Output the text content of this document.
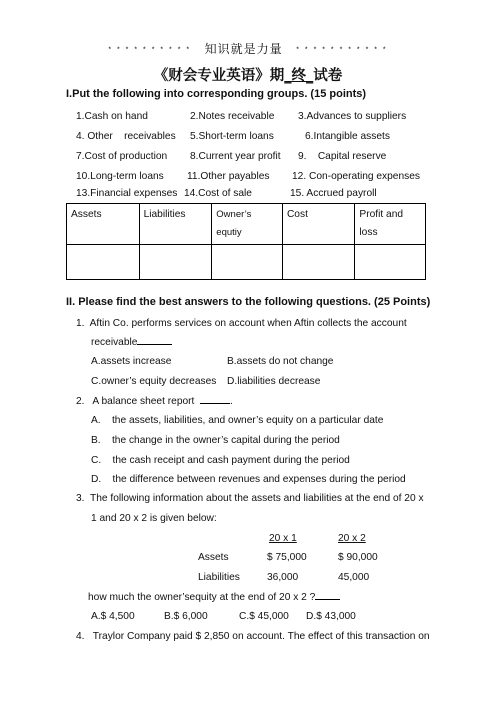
* * * * * * * * * * 知识就是力量 * * * * * * * * * * *
《财会专业英语》期_终_试卷
I.Put the following into corresponding groups. (15 points)
1.Cash on hand	2.Notes receivable 3.Advances to suppliers
4. Other    receivables 5.Short-term loans	6.Intangible assets
7.Cost of production 8.Current year profit 9.    Capital reserve
10.Long-term loans 11.Other payables 12. Con-operating expenses
13.Financial expenses 14.Cost of sale	15. Accrued payroll
Assets	Liabilities	Owner’s equtiy	Cost	Profit and loss

II. Please find the best answers to the following questions. (25 Points)
1.  Aftin Co. performs services on account when Aftin collects the account
receivable
A.assets increase	B.assets do not change
C.owner’s equity decreases D.liabilities decrease
2.   A balance sheet report	.
A.    the assets, liabilities, and owner’s equity on a particular date
B.    the change in the owner’s capital during the period
C.    the cash receipt and cash payment during the period
D.    the difference between revenues and expenses during the period
3.  The following information about the assets and liabilities at the end of 20 x
1 and 20 x 2 is given below:
20 x 1	20 x 2
Assets	$ 75,000	$ 90,000
Liabilities	36,000	45,000
how much the owner’sequity at the end of 20 x 2 ?
A.$ 4,500	B.$ 6,000	C.$ 45,000 D.$ 43,000
4.   Traylor Company paid $ 2,850 on account. The effect of this transaction on
